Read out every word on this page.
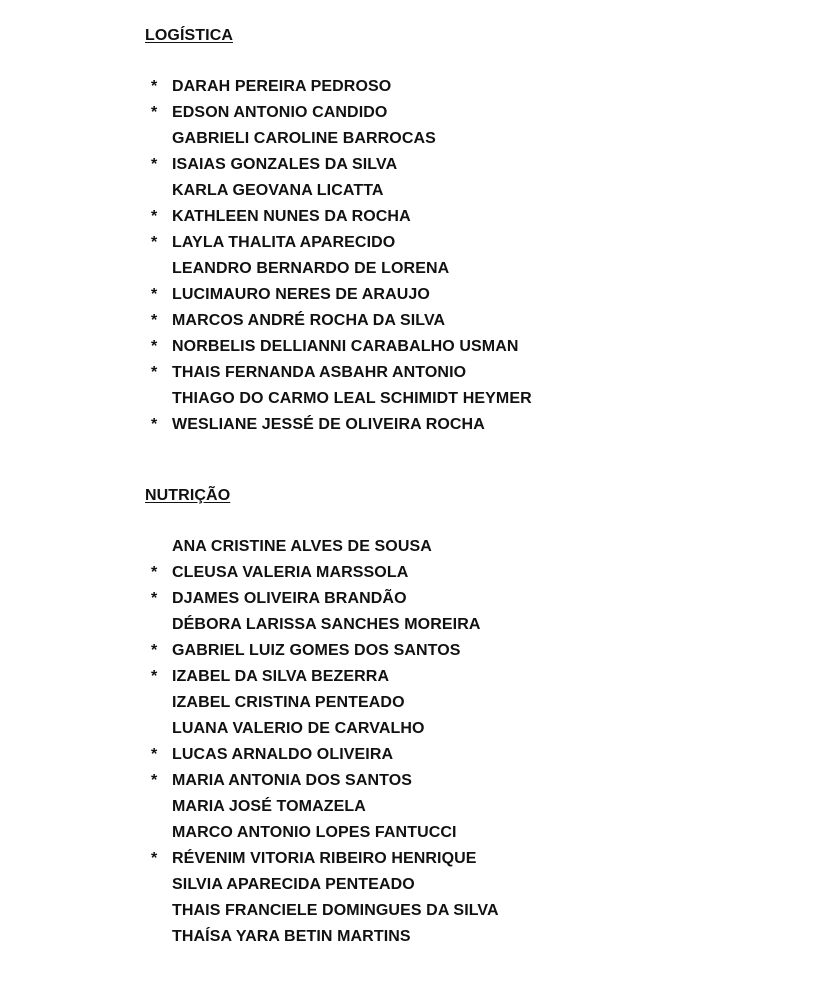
LOGÍSTICA
* DARAH PEREIRA PEDROSO
* EDSON ANTONIO CANDIDO
GABRIELI CAROLINE BARROCAS
* ISAIAS GONZALES DA SILVA
KARLA GEOVANA LICATTA
* KATHLEEN NUNES DA ROCHA
* LAYLA THALITA APARECIDO
LEANDRO BERNARDO DE LORENA
* LUCIMAURO NERES DE ARAUJO
* MARCOS ANDRÉ ROCHA DA SILVA
* NORBELIS DELLIANNI CARABALHO USMAN
* THAIS FERNANDA ASBAHR ANTONIO
THIAGO DO CARMO LEAL SCHIMIDT HEYMER
* WESLIANE JESSÉ DE OLIVEIRA ROCHA
NUTRIÇÃO
ANA CRISTINE ALVES DE SOUSA
* CLEUSA VALERIA MARSSOLA
* DJAMES OLIVEIRA BRANDÃO
DÉBORA LARISSA SANCHES MOREIRA
* GABRIEL LUIZ GOMES DOS SANTOS
* IZABEL DA SILVA BEZERRA
IZABEL CRISTINA PENTEADO
LUANA VALERIO DE CARVALHO
* LUCAS ARNALDO OLIVEIRA
* MARIA ANTONIA DOS SANTOS
MARIA JOSÉ TOMAZELA
MARCO ANTONIO LOPES FANTUCCI
* RÉVENIM VITORIA RIBEIRO HENRIQUE
SILVIA APARECIDA PENTEADO
THAIS FRANCIELE DOMINGUES DA SILVA
THAÍSA YARA BETIN MARTINS
